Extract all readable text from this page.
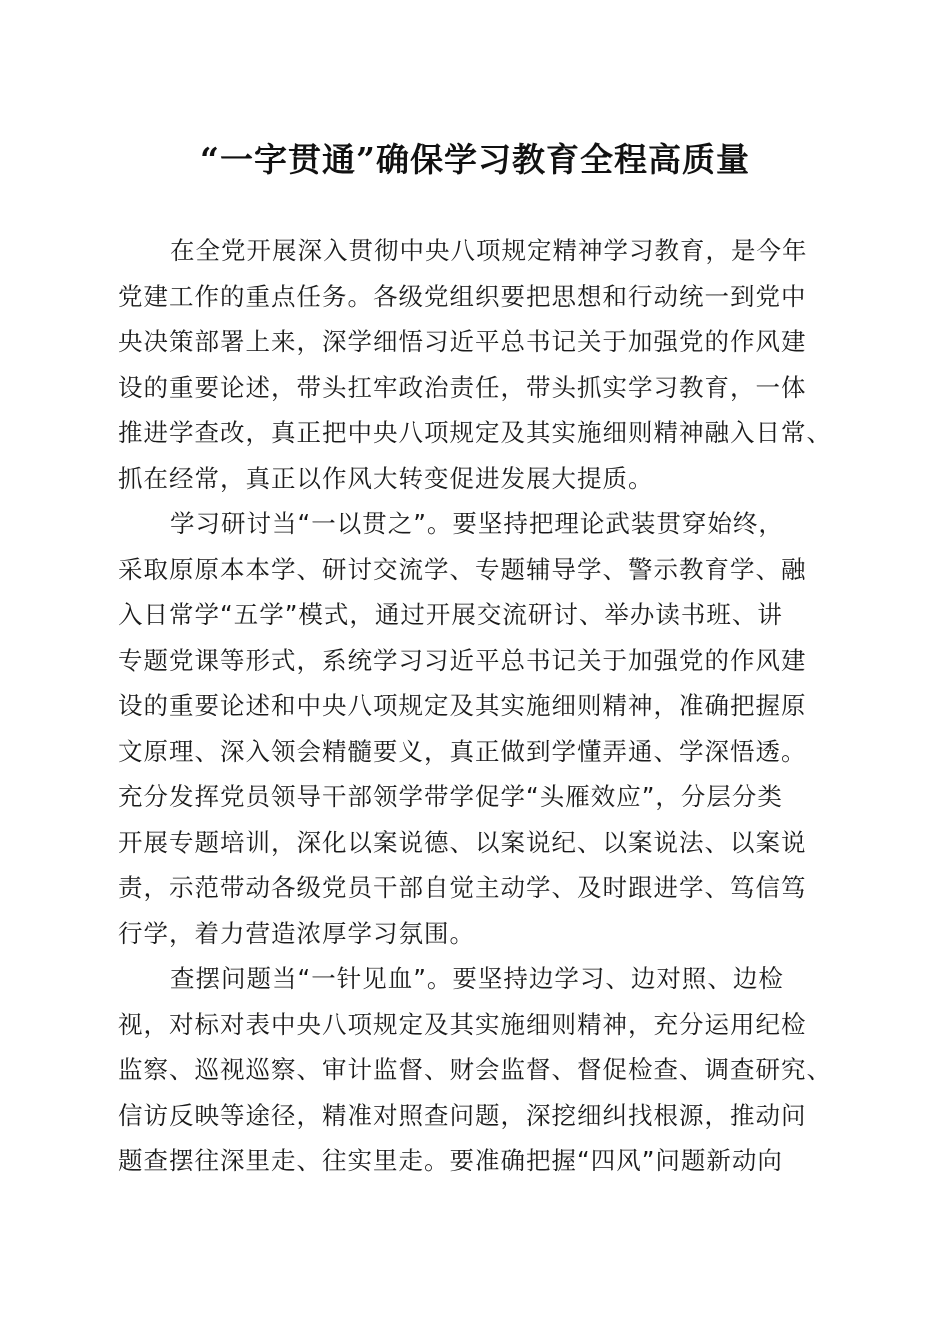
“一字贯通”确保学习教育全程高质量
在全党开展深入贯彻中央八项规定精神学习教育，是今年
党建工作的重点任务。各级党组织要把思想和行动统一到党中
央决策部署上来，深学细悟习近平总书记关于加强党的作风建
设的重要论述，带头扛牢政治责任，带头抓实学习教育，一体
推进学查改，真正把中央八项规定及其实施细则精神融入日常、
抓在经常，真正以作风大转变促进发展大提质。
学习研讨当“一以贯之”。要坚持把理论武装贯穿始终，
采取原原本本学、研讨交流学、专题辅导学、警示教育学、融
入日常学“五学”模式，通过开展交流研讨、举办读书班、讲
专题党课等形式，系统学习习近平总书记关于加强党的作风建
设的重要论述和中央八项规定及其实施细则精神，准确把握原
文原理、深入领会精髓要义，真正做到学懂弄通、学深悟透。
充分发挥党员领导干部领学带学促学“头雁效应”，分层分类
开展专题培训，深化以案说德、以案说纪、以案说法、以案说
责，示范带动各级党员干部自觉主动学、及时跟进学、笃信笃
行学，着力营造浓厚学习氛围。
查摆问题当“一针见血”。要坚持边学习、边对照、边检
视，对标对表中央八项规定及其实施细则精神，充分运用纪检
监察、巡视巡察、审计监督、财会监督、督促检查、调查研究、
信访反映等途径，精准对照查问题，深挖细纠找根源，推动问
题查摆往深里走、往实里走。要准确把握“四风”问题新动向
